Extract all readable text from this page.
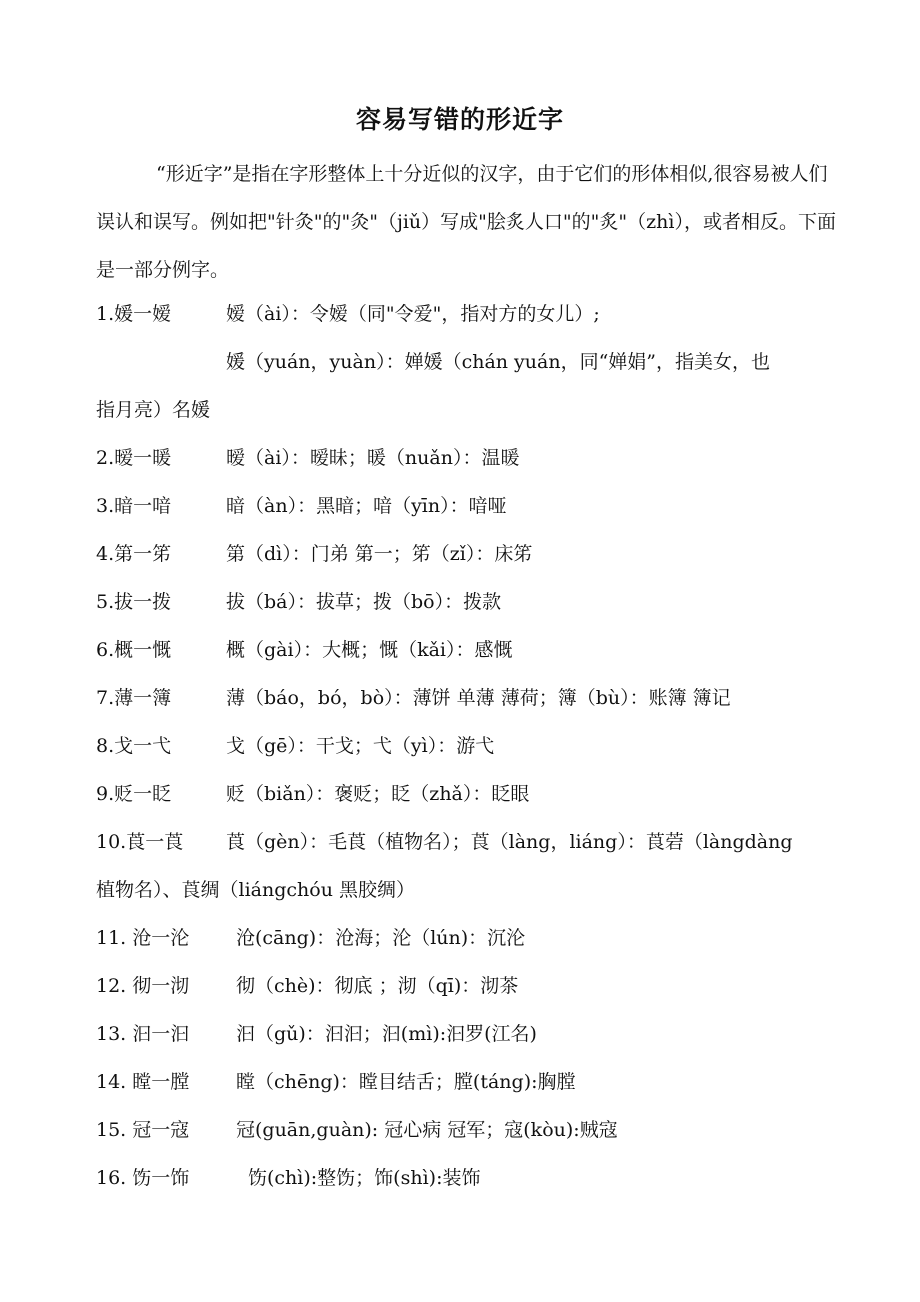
容易写错的形近字
“形近字”是指在字形整体上十分近似的汉字，由于它们的形体相似,很容易被人们误认和误写。例如把"针灸"的"灸"（jiǔ）写成"脍炙人口"的"炙"（zhì），或者相反。下面是一部分例字。
1.媛一嫒	嫒（ài）：令嫒（同"令爱"，指对方的女儿）;
媛（yuán，yuàn）：婵媛（chán yuán，同“婵娟”，指美女，也
指月亮）名媛
2.暧一暖	暧（ài）：暧昧；暖（nuǎn）：温暖
3.暗一喑	暗（àn）：黑暗；喑（yīn）：喑哑
4.第一笫	第（dì）：门弟 第一；笫（zǐ）：床笫
5.拔一拨	拔（bá）：拔草；拨（bō）：拨款
6.概一慨	概（gài）：大概；慨（kǎi）：感慨
7.薄一簿	薄（báo，bó，bò）：薄饼 单薄 薄荷；簿（bù）：账簿 簿记
8.戈一弋	戈（gē）：干戈；弋（yì）：游弋
9.贬一眨	贬（biǎn）：褒贬；眨（zhǎ）：眨眼
10.莨一莨 莨（gèn）：毛莨（植物名）；莨（làng，liáng）：莨菪（làngdàng
植物名）、莨绸（liángchóu 黑胶绸）
11. 沧一沦 沧(cāng)：沧海；沦（lún)：沉沦
12. 彻一沏 彻（chè)：彻底 ；沏（qī)：沏茶
13. 汩一汩 汩（gǔ)：汩汩；汩(mì):汩罗(江名)
14. 瞠一膛 瞠（chēng)：瞠目结舌；膛(táng):胸膛
15. 冠一寇 冠(guān,guàn): 冠心病 冠军；寇(kòu):贼寇
16. 饬一饰	饬(chì):整饬；饰(shì):装饰
